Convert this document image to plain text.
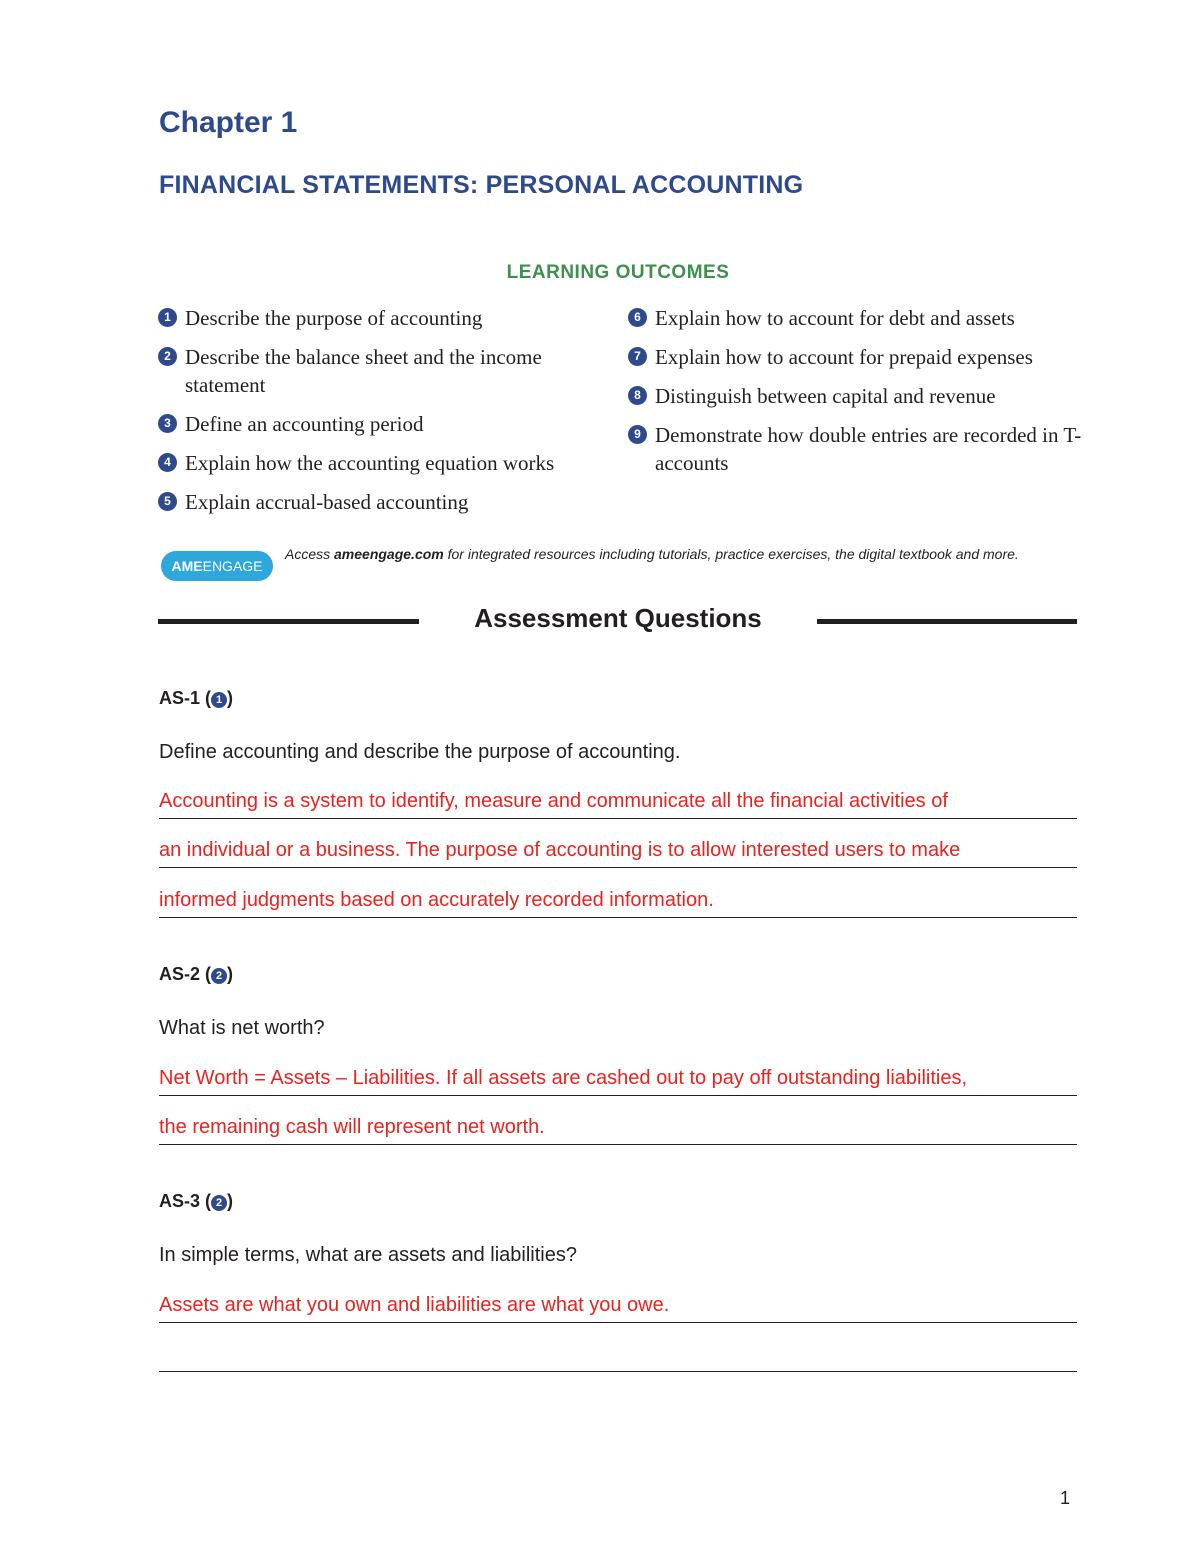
Chapter 1
FINANCIAL STATEMENTS: PERSONAL ACCOUNTING
LEARNING OUTCOMES
1 Describe the purpose of accounting
2 Describe the balance sheet and the income statement
3 Define an accounting period
4 Explain how the accounting equation works
5 Explain accrual-based accounting
6 Explain how to account for debt and assets
7 Explain how to account for prepaid expenses
8 Distinguish between capital and revenue
9 Demonstrate how double entries are recorded in T-accounts
AMEENGAGE
Access ameengage.com for integrated resources including tutorials, practice exercises, the digital textbook and more.
Assessment Questions
AS-1 ( 1 )
Define accounting and describe the purpose of accounting.
Accounting is a system to identify, measure and communicate all the financial activities of
an individual or a business. The purpose of accounting is to allow interested users to make
informed judgments based on accurately recorded information.
AS-2 ( 2 )
What is net worth?
Net Worth = Assets – Liabilities. If all assets are cashed out to pay off outstanding liabilities,
the remaining cash will represent net worth.
AS-3 ( 2 )
In simple terms, what are assets and liabilities?
Assets are what you own and liabilities are what you owe.
1
